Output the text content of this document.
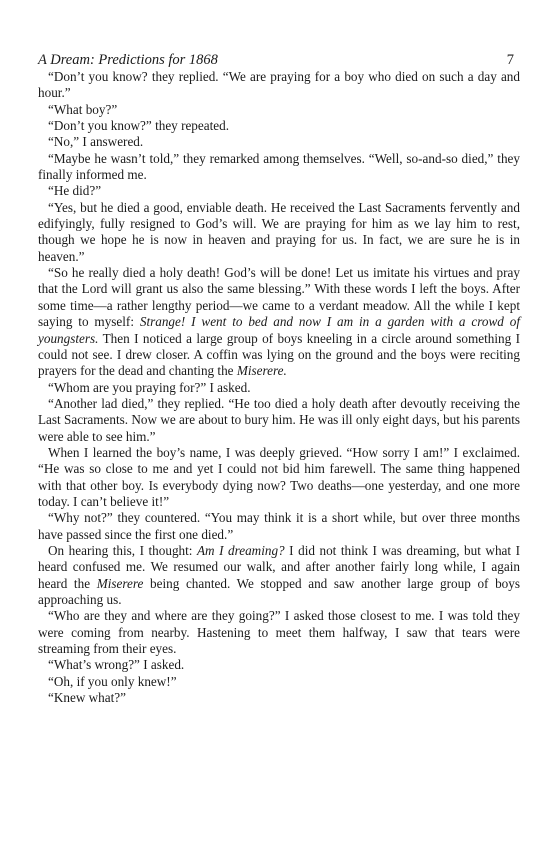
A Dream: Predictions for 1868	7

“Don’t you know? they replied. “We are praying for a boy who died on such a day and hour.”

“What boy?”

“Don’t you know?” they repeated.

“No,” I answered.

“Maybe he wasn’t told,” they remarked among themselves. “Well, so-and-so died,” they finally informed me.

“He did?”

“Yes, but he died a good, enviable death. He received the Last Sacraments fervently and edifyingly, fully resigned to God’s will. We are praying for him as we lay him to rest, though we hope he is now in heaven and praying for us. In fact, we are sure he is in heaven.”

“So he really died a holy death! God’s will be done! Let us imitate his virtues and pray that the Lord will grant us also the same blessing.” With these words I left the boys. After some time—a rather lengthy period—we came to a verdant meadow. All the while I kept saying to myself: Strange! I went to bed and now I am in a garden with a crowd of youngsters. Then I noticed a large group of boys kneeling in a circle around something I could not see. I drew closer. A coffin was lying on the ground and the boys were reciting prayers for the dead and chanting the Miserere.

“Whom are you praying for?” I asked.

“Another lad died,” they replied. “He too died a holy death after devoutly receiving the Last Sacraments. Now we are about to bury him. He was ill only eight days, but his parents were able to see him.”

When I learned the boy’s name, I was deeply grieved. “How sorry I am!” I exclaimed. “He was so close to me and yet I could not bid him farewell. The same thing happened with that other boy. Is everybody dying now? Two deaths—one yesterday, and one more today. I can’t believe it!”

“Why not?” they countered. “You may think it is a short while, but over three months have passed since the first one died.”

On hearing this, I thought: Am I dreaming? I did not think I was dreaming, but what I heard confused me. We resumed our walk, and after another fairly long while, I again heard the Miserere being chanted. We stopped and saw another large group of boys approaching us.

“Who are they and where are they going?” I asked those closest to me. I was told they were coming from nearby. Hastening to meet them halfway, I saw that tears were streaming from their eyes.

“What’s wrong?” I asked.

“Oh, if you only knew!”

“Knew what?”
